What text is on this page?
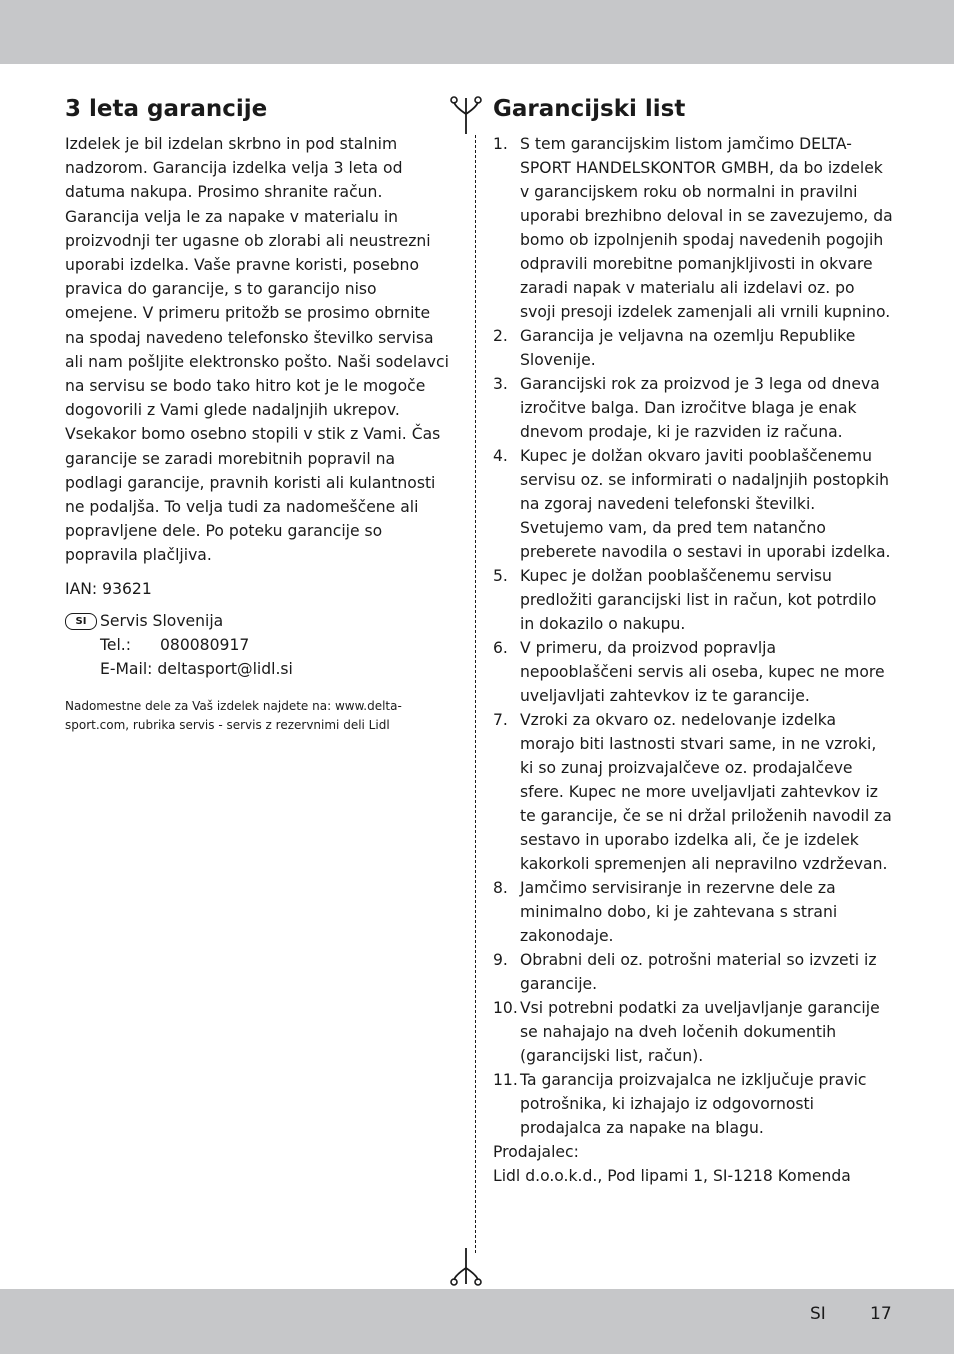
3 leta garancije

Izdelek je bil izdelan skrbno in pod stalnim nadzorom. Garancija izdelka velja 3 leta od datuma nakupa. Prosimo shranite račun. Garancija velja le za napake v materialu in proizvodnji ter ugasne ob zlorabi ali neustrezni uporabi izdelka. Vaše pravne koristi, posebno pravica do garancije, s to garancijo niso omejene. V primeru pritožb se prosimo obrnite na spodaj navedeno telefonsko številko servisa ali nam pošljite elektronsko pošto. Naši sodelavci na servisu se bodo tako hitro kot je le mogoče dogovorili z Vami glede nadaljnjih ukrepov. Vsekakor bomo osebno stopili v stik z Vami. Čas garancije se zaradi morebitnih popravil na podlagi garancije, pravnih koristi ali kulantnosti ne podaljša. To velja tudi za nadomeščene ali popravljene dele. Po poteku garancije so popravila plačljiva.

IAN: 93621
SI Servis Slovenija
Tel.:	080080917
E-Mail:
deltasport@lidl.si
Nadomestne dele za Vaš izdelek najdete na: www.delta-sport.com, rubrika servis - servis z rezervnimi deli Lidl
Garancijski list
1. S tem garancijskim listom jamčimo DELTA-SPORT HANDELSKONTOR GMBH, da bo izdelek v garancijskem roku ob normalni in pravilni uporabi brezhibno deloval in se zavezujemo, da bomo ob izpolnjenih spodaj navedenih pogojih odpravili morebitne pomanjkljivosti in okvare zaradi napak v materialu ali izdelavi oz. po svoji presoji izdelek zamenjali ali vrnili kupnino.
2. Garancija je veljavna na ozemlju Republike Slovenije.
3. Garancijski rok za proizvod je 3 lega od dneva izročitve balga. Dan izročitve blaga je enak dnevom prodaje, ki je razviden iz računa.
4. Kupec je dolžan okvaro javiti pooblaščenemu servisu oz. se informirati o nadaljnjih postopkih na zgoraj navedeni telefonski številki. Svetujemo vam, da pred tem natančno preberete navodila o sestavi in uporabi izdelka.
5. Kupec je dolžan pooblaščenemu servisu predložiti garancijski list in račun, kot potrdilo in dokazilo o nakupu.
6. V primeru, da proizvod popravlja nepooblaščeni servis ali oseba, kupec ne more uveljavljati zahtevkov iz te garancije.
7. Vzroki za okvaro oz. nedelovanje izdelka morajo biti lastnosti stvari same, in ne vzroki, ki so zunaj proizvajalčeve oz. prodajalčeve sfere. Kupec ne more uveljavljati zahtevkov iz te garancije, če se ni držal priloženih navodil za sestavo in uporabo izdelka ali, če je izdelek kakorkoli spremenjen ali nepravilno vzdrževan.
8. Jamčimo servisiranje in rezervne dele za minimalno dobo, ki je zahtevana s strani zakonodaje.
9. Obrabni deli oz. potrošni material so izvzeti iz garancije.
10. Vsi potrebni podatki za uveljavljanje garancije se nahajajo na dveh ločenih dokumentih (garancijski list, račun).
11. Ta garancija proizvajalca ne izključuje pravic potrošnika, ki izhajajo iz odgovornosti prodajalca za napake na blagu.
Prodajalec:
Lidl d.o.o.k.d., Pod lipami 1, SI-1218 Komenda
SI	17
